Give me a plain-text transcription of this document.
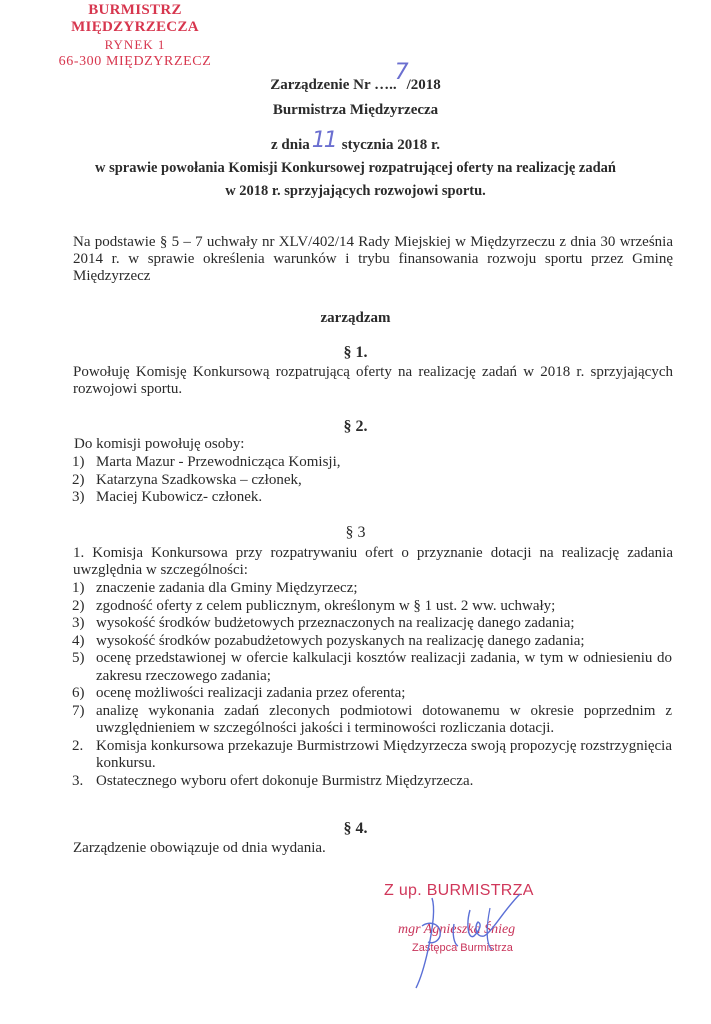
BURMISTRZ MIĘDZYRZECZA
RYNEK 1
66-300 MIĘDZYRZECZ
Zarządzenie Nr …..7/2018
Burmistrza Międzyrzecza
z dnia11 stycznia 2018 r.
w sprawie powołania Komisji Konkursowej rozpatrującej oferty na realizację zadań
w 2018 r. sprzyjających rozwojowi sportu.
Na podstawie § 5 – 7 uchwały nr XLV/402/14 Rady Miejskiej w Międzyrzeczu z dnia 30 września 2014 r. w sprawie określenia warunków i trybu finansowania rozwoju sportu przez Gminę Międzyrzecz
zarządzam
§ 1.
Powołuję Komisję Konkursową rozpatrującą oferty na realizację zadań w 2018 r. sprzyjających rozwojowi sportu.
§ 2.
Do komisji powołuję osoby:
1) Marta Mazur - Przewodnicząca Komisji,
2) Katarzyna Szadkowska – członek,
3) Maciej Kubowicz- członek.
§ 3
1. Komisja Konkursowa przy rozpatrywaniu ofert o przyznanie dotacji na realizację zadania uwzględnia w szczególności:
1) znaczenie zadania dla Gminy Międzyrzecz;
2) zgodność oferty z celem publicznym, określonym w § 1 ust. 2 ww. uchwały;
3) wysokość środków budżetowych przeznaczonych na realizację danego zadania;
4) wysokość środków pozabudżetowych pozyskanych na realizację danego zadania;
5) ocenę przedstawionej w ofercie kalkulacji kosztów realizacji zadania, w tym w odniesieniu do zakresu rzeczowego zadania;
6) ocenę możliwości realizacji zadania przez oferenta;
7) analizę wykonania zadań zleconych podmiotowi dotowanemu w okresie poprzednim z uwzględnieniem w szczególności jakości i terminowości rozliczania dotacji.
2. Komisja konkursowa przekazuje Burmistrzowi Międzyrzecza swoją propozycję rozstrzygnięcia konkursu.
3. Ostatecznego wyboru ofert dokonuje Burmistrz Międzyrzecza.
§ 4.
Zarządzenie obowiązuje od dnia wydania.
Z up. BURMISTRZA
mgr Agnieszka Śnieg
Zastępca Burmistrza
